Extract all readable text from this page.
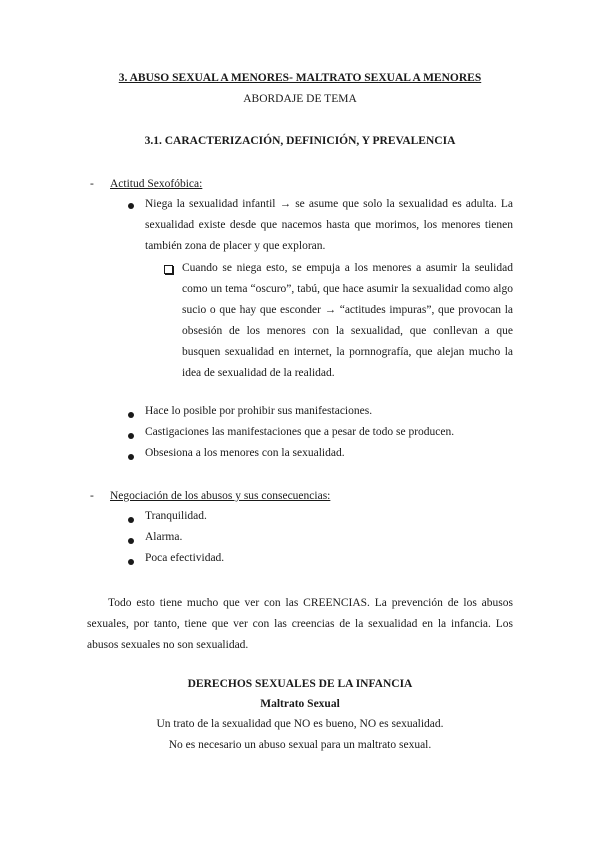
3. ABUSO SEXUAL A MENORES- MALTRATO SEXUAL A MENORES
ABORDAJE DE TEMA
3.1. CARACTERIZACIÓN, DEFINICIÓN, Y PREVALENCIA
- Actitud Sexofóbica:
Niega la sexualidad infantil → se asume que solo la sexualidad es adulta. La sexualidad existe desde que nacemos hasta que morimos, los menores tienen también zona de placer y que exploran.
Cuando se niega esto, se empuja a los menores a asumir la seulidad como un tema “oscuro”, tabú, que hace asumir la sexualidad como algo sucio o que hay que esconder → “actitudes impuras”, que provocan la obsesión de los menores con la sexualidad, que conllevan a que busquen sexualidad en internet, la pornnografía, que alejan mucho la idea de sexualidad de la realidad.
Hace lo posible por prohibir sus manifestaciones.
Castigaciones las manifestaciones que a pesar de todo se producen.
Obsesiona a los menores con la sexualidad.
- Negociación de los abusos y sus consecuencias:
Tranquilidad.
Alarma.
Poca efectividad.
Todo esto tiene mucho que ver con las CREENCIAS. La prevención de los abusos sexuales, por tanto, tiene que ver con las creencias de la sexualidad en la infancia. Los abusos sexuales no son sexualidad.
DERECHOS SEXUALES DE LA INFANCIA
Maltrato Sexual
Un trato de la sexualidad que NO es bueno, NO es sexualidad.
No es necesario un abuso sexual para un maltrato sexual.
